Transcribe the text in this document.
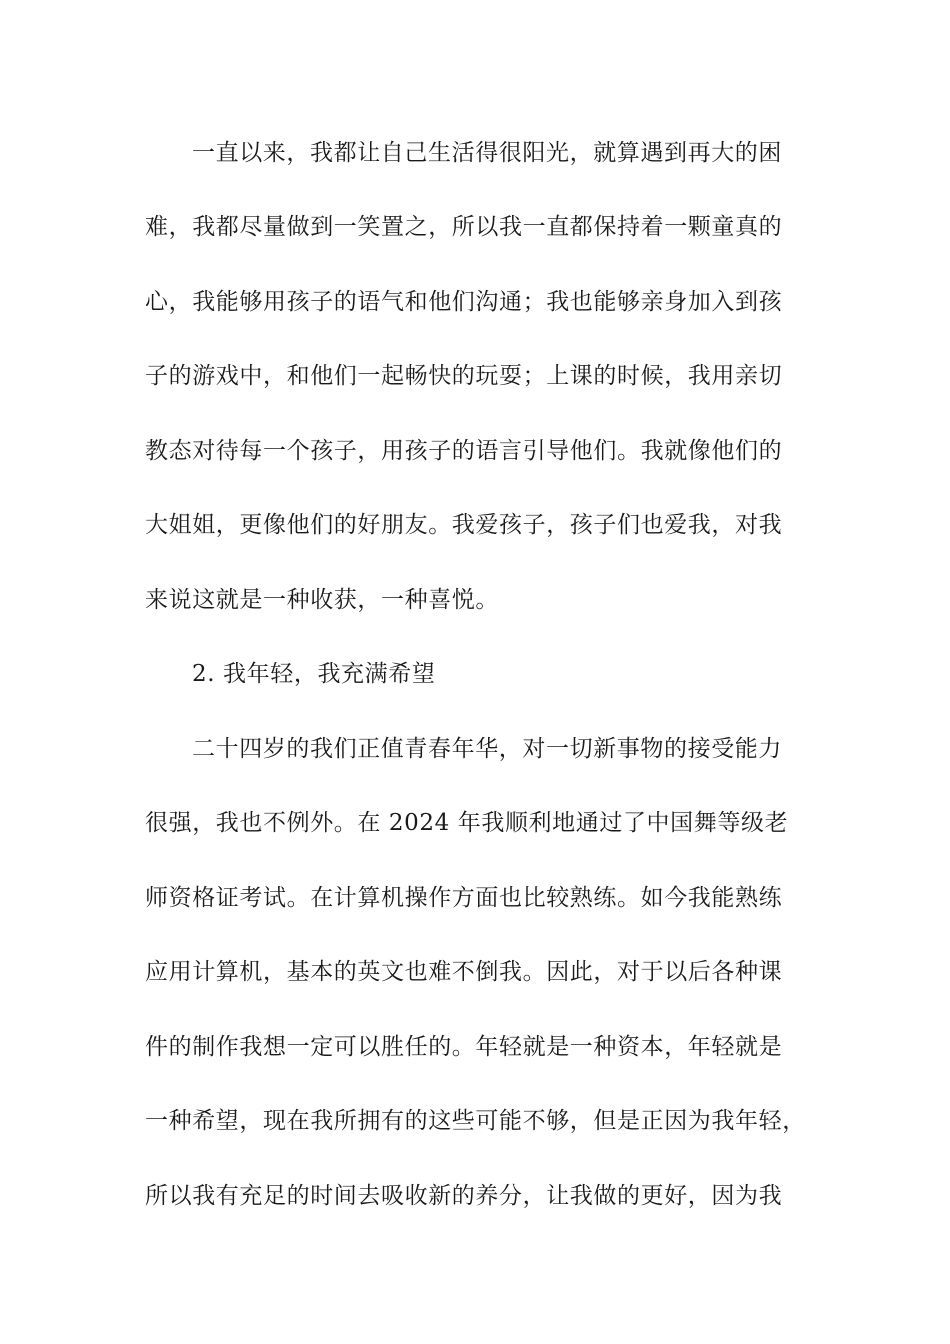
一直以来，我都让自己生活得很阳光，就算遇到再大的困
难，我都尽量做到一笑置之，所以我一直都保持着一颗童真的
心，我能够用孩子的语气和他们沟通；我也能够亲身加入到孩
子的游戏中，和他们一起畅快的玩耍；上课的时候，我用亲切
教态对待每一个孩子，用孩子的语言引导他们。我就像他们的
大姐姐，更像他们的好朋友。我爱孩子，孩子们也爱我，对我
来说这就是一种收获，一种喜悦。
2. 我年轻，我充满希望
二十四岁的我们正值青春年华，对一切新事物的接受能力
很强，我也不例外。在 2024 年我顺利地通过了中国舞等级老
师资格证考试。在计算机操作方面也比较熟练。如今我能熟练
应用计算机，基本的英文也难不倒我。因此，对于以后各种课
件的制作我想一定可以胜任的。年轻就是一种资本，年轻就是
一种希望，现在我所拥有的这些可能不够，但是正因为我年轻，
所以我有充足的时间去吸收新的养分，让我做的更好，因为我
